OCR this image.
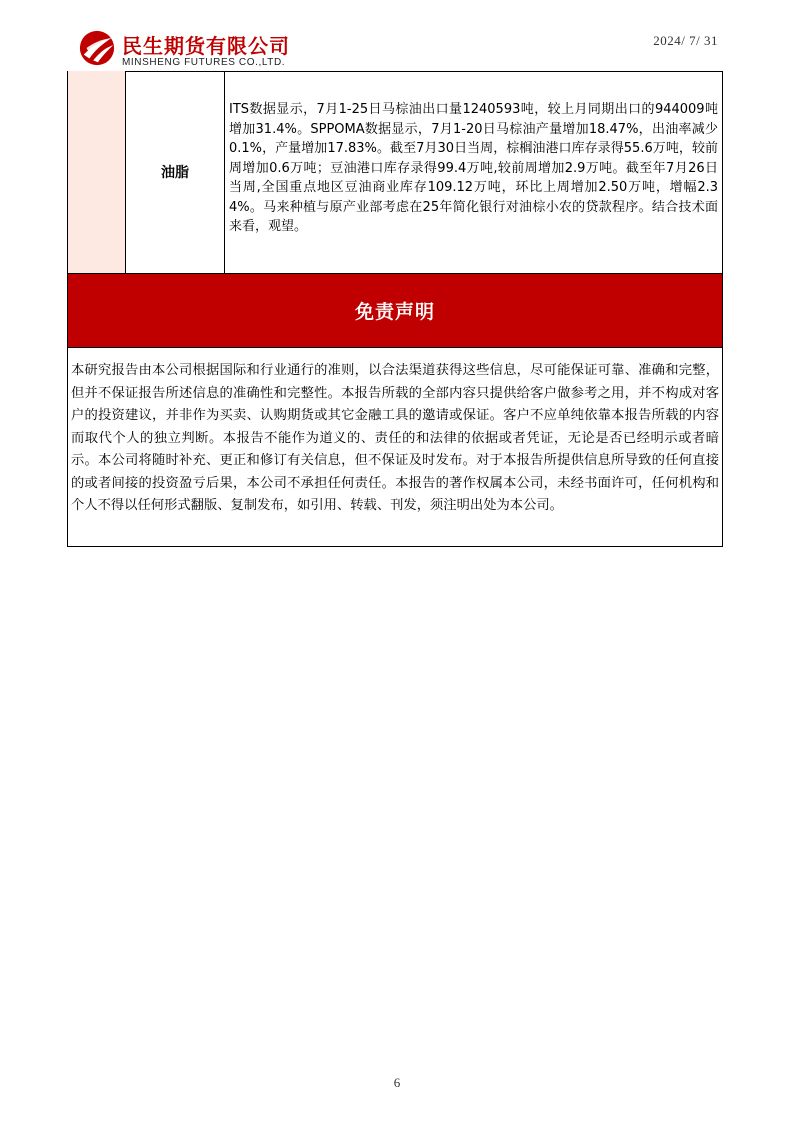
民生期货有限公司
MINSHENG FUTURES CO.,LTD.
2024/ 7/ 31
油脂

ITS数据显示，7月1-25日马棕油出口量1240593吨，较上月同期出口的944009吨增加31.4%。SPPOMA数据显示，7月1-20日马棕油产量增加18.47%，出油率减少0.1%，产量增加17.83%。截至7月30日当周，棕榈油港口库存录得55.6万吨，较前周增加0.6万吨；豆油港口库存录得99.4万吨,较前周增加2.9万吨。截至年7月26日当周,全国重点地区豆油商业库存109.12万吨，环比上周增加2.50万吨，增幅2.34%。马来种植与原产业部考虑在25年简化银行对油棕小农的贷款程序。结合技术面来看，观望。

免责声明

本研究报告由本公司根据国际和行业通行的准则，以合法渠道获得这些信息，尽可能保证可靠、准确和完整，但并不保证报告所述信息的准确性和完整性。本报告所载的全部内容只提供给客户做参考之用，并不构成对客户的投资建议，并非作为买卖、认购期货或其它金融工具的邀请或保证。客户不应单纯依靠本报告所载的内容而取代个人的独立判断。本报告不能作为道义的、责任的和法律的依据或者凭证，无论是否已经明示或者暗示。本公司将随时补充、更正和修订有关信息，但不保证及时发布。对于本报告所提供信息所导致的任何直接的或者间接的投资盈亏后果，本公司不承担任何责任。本报告的著作权属本公司，未经书面许可，任何机构和个人不得以任何形式翻版、复制发布，如引用、转载、刊发，须注明出处为本公司。

6
